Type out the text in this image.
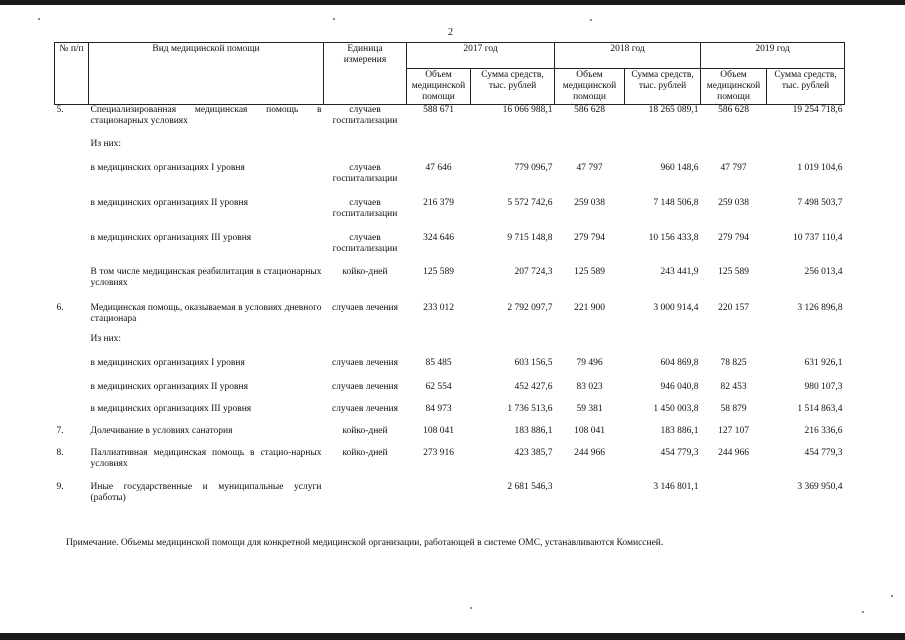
2
№ п/п	Вид медицинской помощи	Единица измерения	2017 год		2018 год		2019 год	
			Объем медицинской помощи	Сумма средств, тыс. рублей	Объем медицинской помощи	Сумма средств, тыс. рублей	Объем медицинской помощи	Сумма средств, тыс. рублей
5.	Специализированная медицинская помощь в стационарных условиях	случаев госпитализации	588 671	16 066 988,1	586 628	18 265 089,1	586 628	19 254 718,6
	Из них:							
	в медицинских организациях I уровня	случаев госпитализации	47 646	779 096,7	47 797	960 148,6	47 797	1 019 104,6
	в медицинских организациях II уровня	случаев госпитализации	216 379	5 572 742,6	259 038	7 148 506,8	259 038	7 498 503,7
	в медицинских организациях III уровня	случаев госпитализации	324 646	9 715 148,8	279 794	10 156 433,8	279 794	10 737 110,4
	В том числе медицинская реабилитация в стационарных условиях	койко-дней	125 589	207 724,3	125 589	243 441,9	125 589	256 013,4
6.	Медицинская помощь, оказываемая в условиях дневного стационара	случаев лечения	233 012	2 792 097,7	221 900	3 000 914,4	220 157	3 126 896,8
	Из них:							
	в медицинских организациях I уровня	случаев лечения	85 485	603 156,5	79 496	604 869,8	78 825	631 926,1
	в медицинских организациях II уровня	случаев лечения	62 554	452 427,6	83 023	946 040,8	82 453	980 107,3
	в медицинских организациях III уровня	случаев лечения	84 973	1 736 513,6	59 381	1 450 003,8	58 879	1 514 863,4
7.	Долечивание в условиях санатория	койко-дней	108 041	183 886,1	108 041	183 886,1	127 107	216 336,6
8.	Паллиативная медицинская помощь в стацио-нарных условиях	койко-дней	273 916	423 385,7	244 966	454 779,3	244 966	454 779,3
9.	Иные государственные и муниципальные услуги (работы)			2 681 546,3		3 146 801,1		3 369 950,4
Примечание. Объемы медицинской помощи для конкретной медицинской организации, работающей в системе ОМС, устанавливаются Комиссией.
